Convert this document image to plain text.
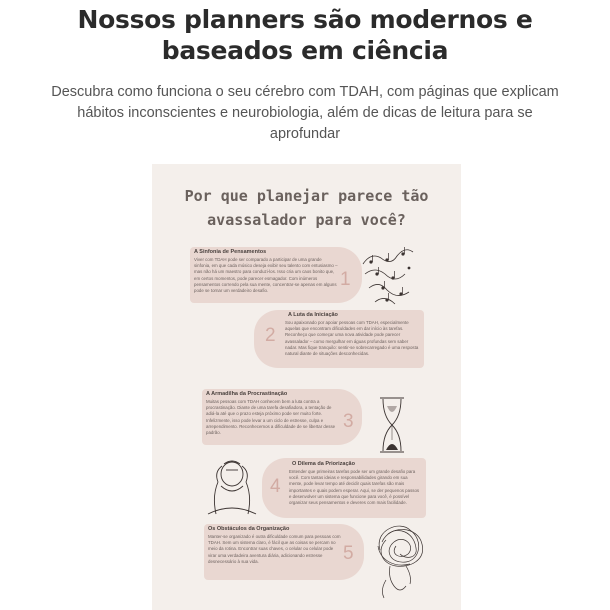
Nossos planners são modernos e
baseados em ciência
Descubra como funciona o seu cérebro com TDAH, com páginas que explicam
hábitos inconscientes e neurobiologia, além de dicas de leitura para se
aprofundar
Por que planejar parece tão
avassalador para você?
A Sinfonia de Pensamentos
Viver com TDAH pode ser comparado a participar de uma grande sinfonia, em que cada músico deseja exibir seu talento com entusiasmo – mas não há um maestro para conduzi-los. Isso cria um caos bonito que, em certos momentos, pode parecer esmagador. Com inúmeros pensamentos correndo pela sua mente, concentrar-se apenas em alguns pode se tornar um verdadeiro desafio.
1
2
A Luta da Iniciação
Sou apaixonado por apoiar pessoas com TDAH, especialmente aquelas que encontram dificuldades em dar início às tarefas. Reconheço que começar uma nova atividade pode parecer avassalador – como mergulhar em águas profundas sem saber nadar. Mas fique tranquilo: sentir-se sobrecarregado é uma resposta natural diante de situações desconhecidas.
A Armadilha da Procrastinação
Muitas pessoas com TDAH conhecem bem a luta contra a procrastinação. Diante de uma tarefa desafiadora, a tentação de adiá-la até que o prazo esteja próximo pode ser muito forte. Infelizmente, isso pode levar a um ciclo de estresse, culpa e arrependimento. Reconhecemos a dificuldade de se libertar desse padrão.
3
4
O Dilema da Priorização
Entender que primeiras tarefas pode ser um grande desafio para você. Com tantas ideias e responsabilidades girando em sua mente, pode levar tempo até decidir quais tarefas são mais importantes e quais podem esperar. Aqui, se der pequenos passos e desenvolver um sistema que funcione para você, é possível organizar seus pensamentos e deveres com mais facilidade.
Os Obstáculos da Organização
Manter-se organizado é outra dificuldade comum para pessoas com TDAH. Sem um sistema claro, é fácil que as coisas se percam no meio da rotina. Encontrar suas chaves, o celular ou celular pode virar uma verdadeira aventura diária, adicionando estresse desnecessário à sua vida.	5
